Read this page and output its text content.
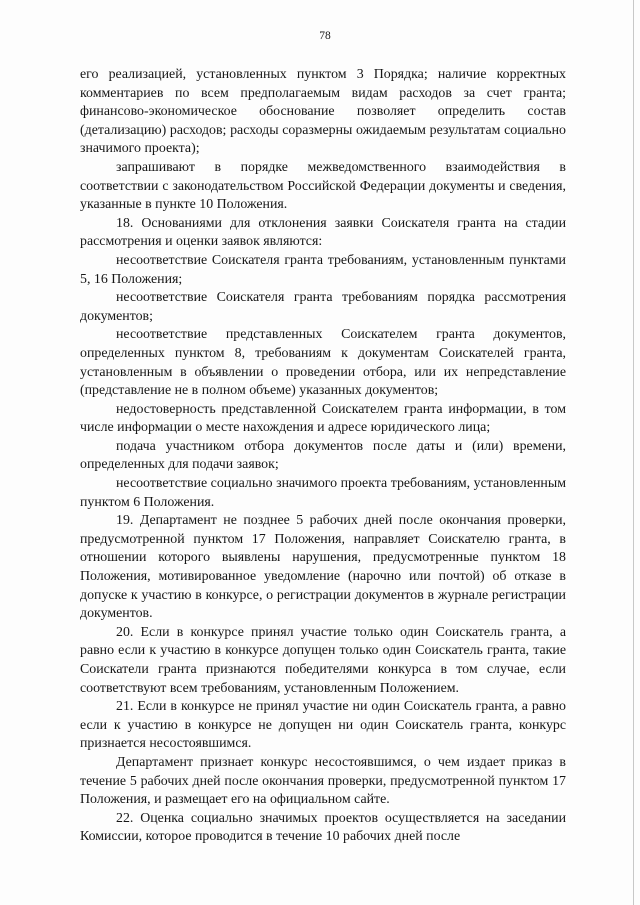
78

его реализацией, установленных пунктом 3 Порядка; наличие корректных комментариев по всем предполагаемым видам расходов за счет гранта; финансово-экономическое обоснование позволяет определить состав (детализацию) расходов; расходы соразмерны ожидаемым результатам социально значимого проекта);

запрашивают в порядке межведомственного взаимодействия в соответствии с законодательством Российской Федерации документы и сведения, указанные в пункте 10 Положения.

18. Основаниями для отклонения заявки Соискателя гранта на стадии рассмотрения и оценки заявок являются:

несоответствие Соискателя гранта требованиям, установленным пунктами 5, 16 Положения;

несоответствие Соискателя гранта требованиям порядка рассмотрения документов;

несоответствие представленных Соискателем гранта документов, определенных пунктом 8, требованиям к документам Соискателей гранта, установленным в объявлении о проведении отбора, или их непредставление (представление не в полном объеме) указанных документов;

недостоверность представленной Соискателем гранта информации, в том числе информации о месте нахождения и адресе юридического лица;

подача участником отбора документов после даты и (или) времени, определенных для подачи заявок;

несоответствие социально значимого проекта требованиям, установленным пунктом 6 Положения.

19. Департамент не позднее 5 рабочих дней после окончания проверки, предусмотренной пунктом 17 Положения, направляет Соискателю гранта, в отношении которого выявлены нарушения, предусмотренные пунктом 18 Положения, мотивированное уведомление (нарочно или почтой) об отказе в допуске к участию в конкурсе, о регистрации документов в журнале регистрации документов.

20. Если в конкурсе принял участие только один Соискатель гранта, а равно если к участию в конкурсе допущен только один Соискатель гранта, такие Соискатели гранта признаются победителями конкурса в том случае, если соответствуют всем требованиям, установленным Положением.

21. Если в конкурсе не принял участие ни один Соискатель гранта, а равно если к участию в конкурсе не допущен ни один Соискатель гранта, конкурс признается несостоявшимся.

Департамент признает конкурс несостоявшимся, о чем издает приказ в течение 5 рабочих дней после окончания проверки, предусмотренной пунктом 17 Положения, и размещает его на официальном сайте.

22. Оценка социально значимых проектов осуществляется на заседании Комиссии, которое проводится в течение 10 рабочих дней после
